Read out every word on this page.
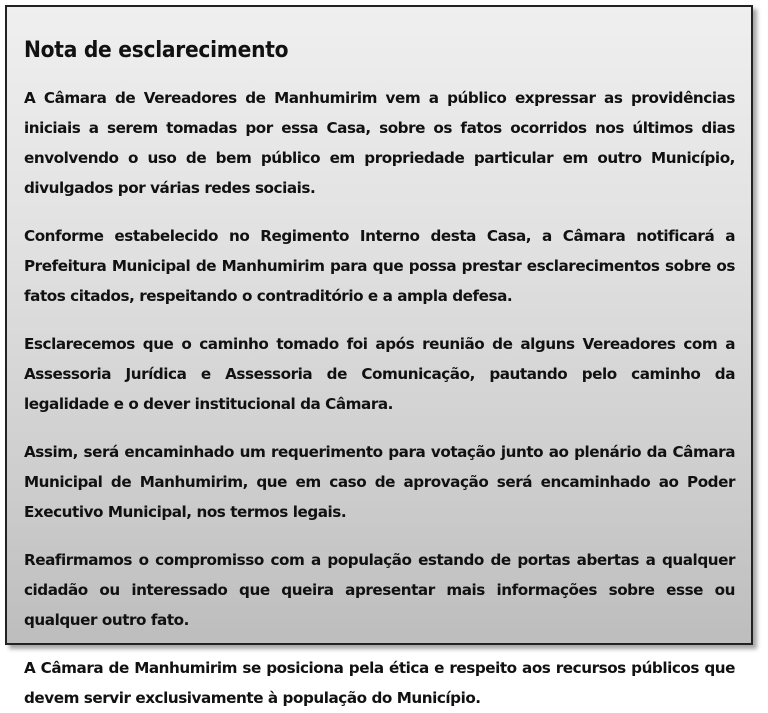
Nota de esclarecimento

A Câmara de Vereadores de Manhumirim vem a público expressar as providências iniciais a serem tomadas por essa Casa, sobre os fatos ocorridos nos últimos dias envolvendo o uso de bem público em propriedade particular em outro Município, divulgados por várias redes sociais.

Conforme estabelecido no Regimento Interno desta Casa, a Câmara notificará a Prefeitura Municipal de Manhumirim para que possa prestar esclarecimentos sobre os fatos citados, respeitando o contraditório e a ampla defesa.

Esclarecemos que o caminho tomado foi após reunião de alguns Vereadores com a Assessoria Jurídica e Assessoria de Comunicação, pautando pelo caminho da legalidade e o dever institucional da Câmara.

Assim, será encaminhado um requerimento para votação junto ao plenário da Câmara Municipal de Manhumirim, que em caso de aprovação será encaminhado ao Poder Executivo Municipal, nos termos legais.

Reafirmamos o compromisso com a população estando de portas abertas a qualquer cidadão ou interessado que queira apresentar mais informações sobre esse ou qualquer outro fato.

A Câmara de Manhumirim se posiciona pela ética e respeito aos recursos públicos que devem servir exclusivamente à população do Município.
